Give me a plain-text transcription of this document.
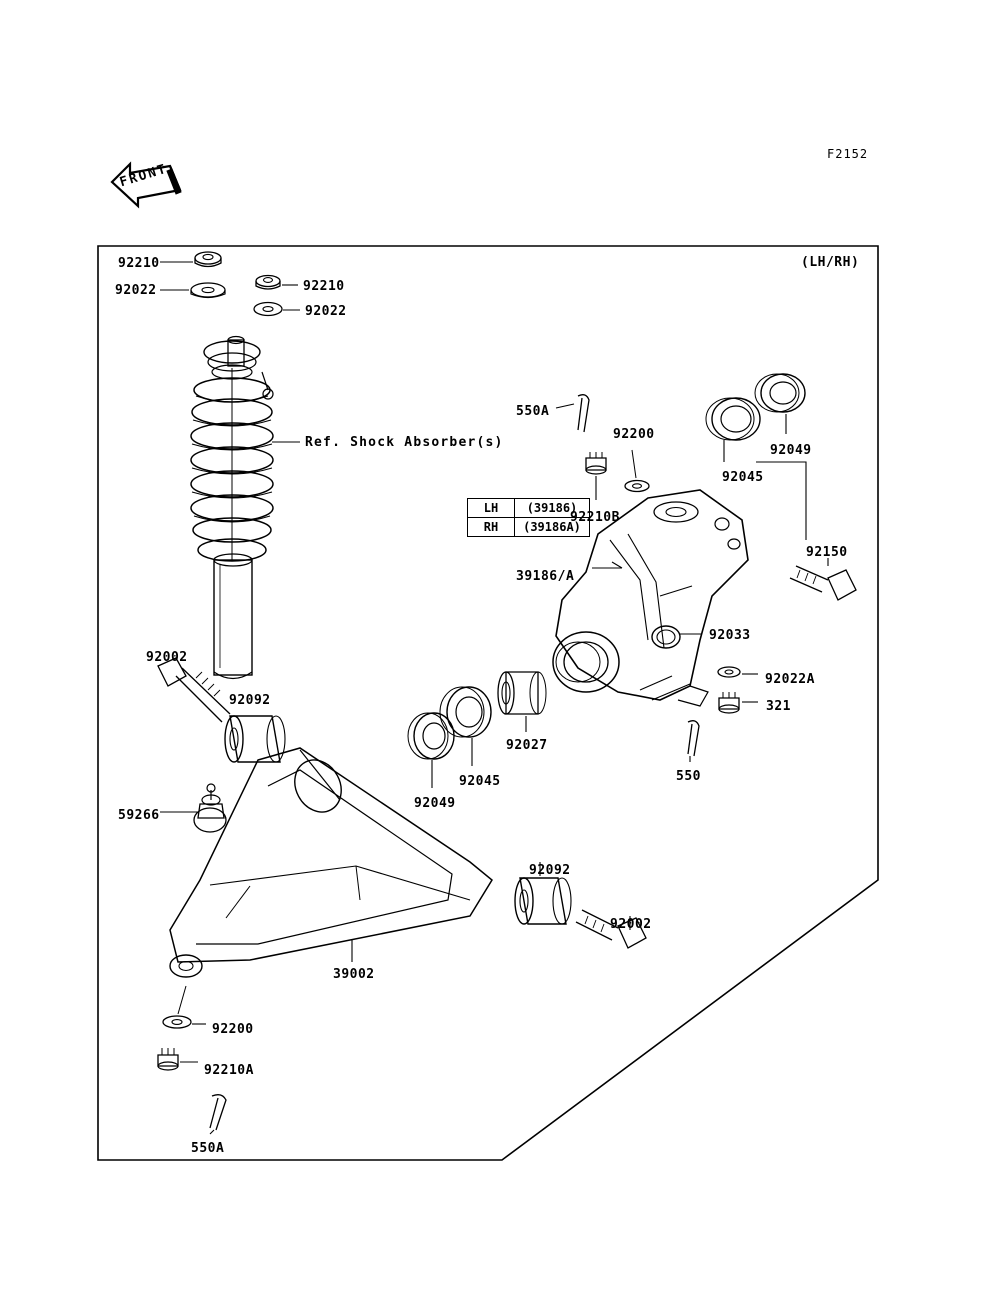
F2152
FRONT
LH	(39186)
RH	(39186A)
(LH/RH)
Ref. Shock Absorber(s)
92210
92022	92210
92022
550A
92200
92049
92045
92210B
92150
39186/A
92033
92022A
321
92002
92092
92027
92045
92049
550
59266
92092
92002
39002
92200
92210A
550A
